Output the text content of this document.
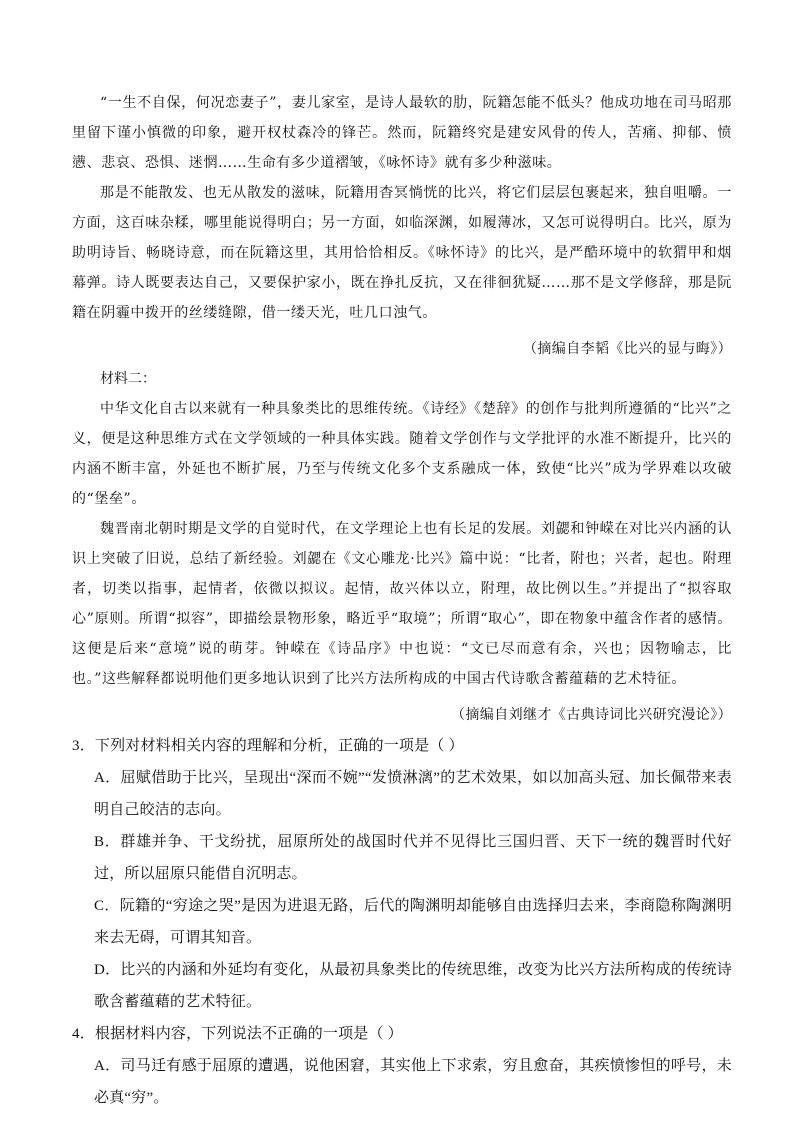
“一生不自保，何况恋妻子”，妻儿家室，是诗人最软的肋，阮籍怎能不低头？他成功地在司马昭那里留下谨小慎微的印象，避开权杖森冷的锋芒。然而，阮籍终究是建安风骨的传人，苦痛、抑郁、愤懑、悲哀、恐惧、迷惘……生命有多少道褶皱，《咏怀诗》就有多少种滋味。

那是不能散发、也无从散发的滋味，阮籍用杳冥惝恍的比兴，将它们层层包裹起来，独自咀嚼。一方面，这百味杂糅，哪里能说得明白；另一方面，如临深渊，如履薄冰，又怎可说得明白。比兴，原为助明诗旨、畅晓诗意，而在阮籍这里，其用恰恰相反。《咏怀诗》的比兴，是严酷环境中的软猬甲和烟幕弹。诗人既要表达自己，又要保护家小，既在挣扎反抗，又在徘徊犹疑……那不是文学修辞，那是阮籍在阴霾中拨开的丝缕缝隙，借一缕天光，吐几口浊气。

（摘编自李韬《比兴的显与晦》）

材料二：

中华文化自古以来就有一种具象类比的思维传统。《诗经》《楚辞》的创作与批判所遵循的“比兴”之义，便是这种思维方式在文学领域的一种具体实践。随着文学创作与文学批评的水准不断提升，比兴的内涵不断丰富，外延也不断扩展，乃至与传统文化多个支系融成一体，致使“比兴”成为学界难以攻破的“堡垒”。

魏晋南北朝时期是文学的自觉时代，在文学理论上也有长足的发展。刘勰和钟嵘在对比兴内涵的认识上突破了旧说，总结了新经验。刘勰在《文心雕龙·比兴》篇中说：“比者，附也；兴者，起也。附理者，切类以指事，起情者，依微以拟议。起情，故兴体以立，附理，故比例以生。”并提出了“拟容取心”原则。所谓“拟容”，即描绘景物形象，略近乎“取境”；所谓“取心”，即在物象中蕴含作者的感情。这便是后来“意境”说的萌芽。钟嵘在《诗品序》中也说：“文已尽而意有余，兴也；因物喻志，比也。”这些解释都说明他们更多地认识到了比兴方法所构成的中国古代诗歌含蓄蕴藉的艺术特征。

（摘编自刘继才《古典诗词比兴研究漫论》）

3．下列对材料相关内容的理解和分析，正确的一项是（ ）

A．屈赋借助于比兴，呈现出“深而不婉”“发愤淋漓”的艺术效果，如以加高头冠、加长佩带来表明自己皎洁的志向。

B．群雄并争、干戈纷扰，屈原所处的战国时代并不见得比三国归晋、天下一统的魏晋时代好过，所以屈原只能借自沉明志。

C．阮籍的“穷途之哭”是因为进退无路，后代的陶渊明却能够自由选择归去来，李商隐称陶渊明来去无碍，可谓其知音。

D．比兴的内涵和外延均有变化，从最初具象类比的传统思维，改变为比兴方法所构成的传统诗歌含蓄蕴藉的艺术特征。

4．根据材料内容，下列说法不正确的一项是（ ）

A．司马迁有感于屈原的遭遇，说他困窘，其实他上下求索，穷且愈奋，其疾愤惨怛的呼号，未必真“穷”。
